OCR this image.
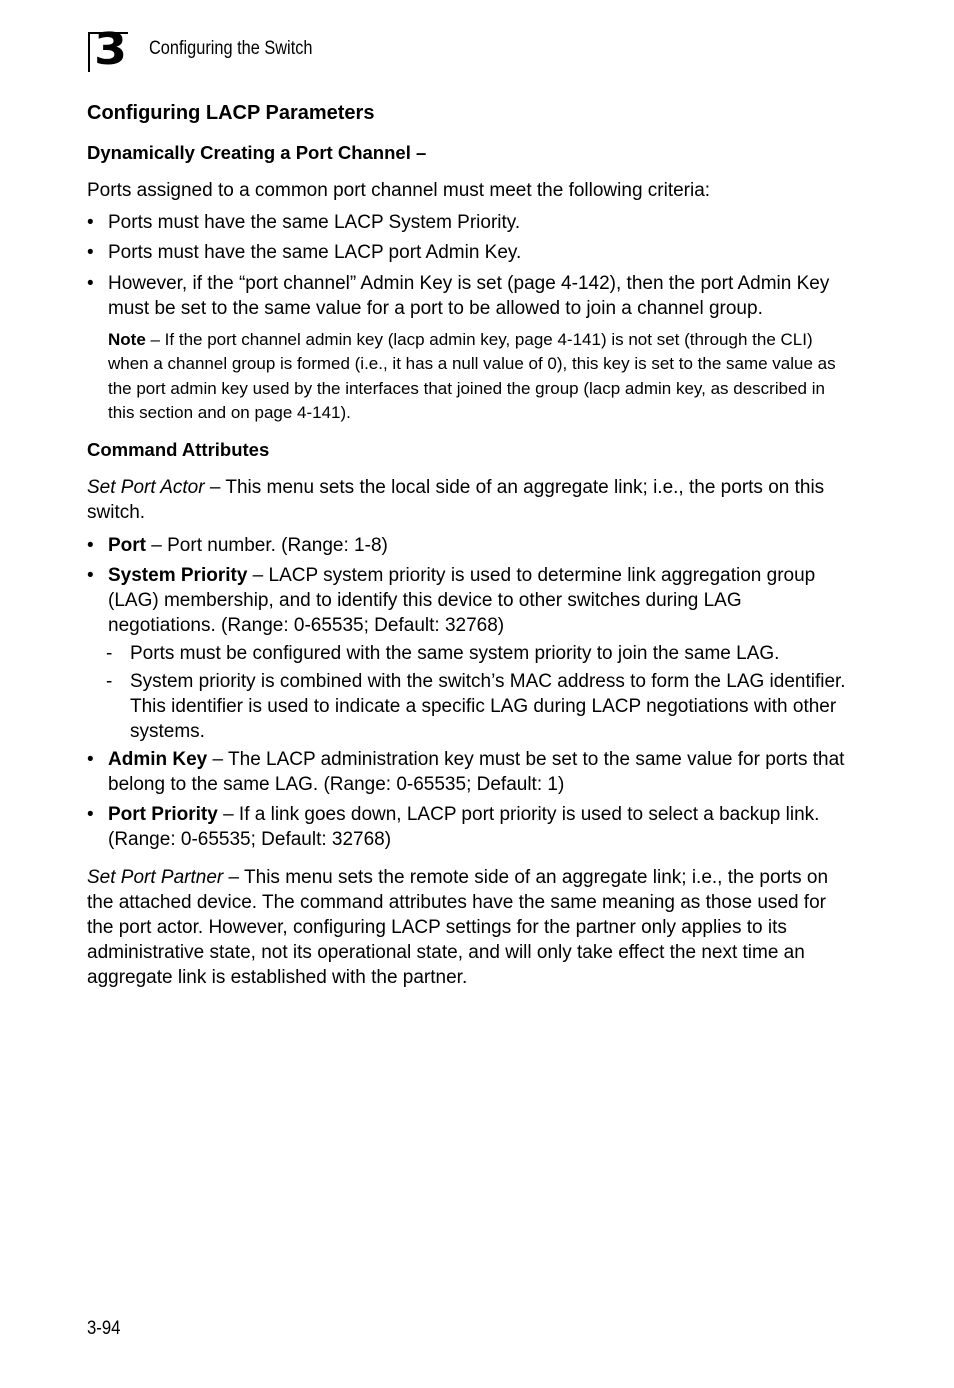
3 Configuring the Switch
Configuring LACP Parameters
Dynamically Creating a Port Channel –
Ports assigned to a common port channel must meet the following criteria:
• Ports must have the same LACP System Priority.
• Ports must have the same LACP port Admin Key.
• However, if the “port channel” Admin Key is set (page 4-142), then the port Admin Key must be set to the same value for a port to be allowed to join a channel group.
Note – If the port channel admin key (lacp admin key, page 4-141) is not set (through the CLI) when a channel group is formed (i.e., it has a null value of 0), this key is set to the same value as the port admin key used by the interfaces that joined the group (lacp admin key, as described in this section and on page 4-141).
Command Attributes
Set Port Actor – This menu sets the local side of an aggregate link; i.e., the ports on this switch.
• Port – Port number. (Range: 1-8)
• System Priority – LACP system priority is used to determine link aggregation group (LAG) membership, and to identify this device to other switches during LAG negotiations. (Range: 0-65535; Default: 32768)
- Ports must be configured with the same system priority to join the same LAG.
- System priority is combined with the switch’s MAC address to form the LAG identifier. This identifier is used to indicate a specific LAG during LACP negotiations with other systems.
• Admin Key – The LACP administration key must be set to the same value for ports that belong to the same LAG. (Range: 0-65535; Default: 1)
• Port Priority – If a link goes down, LACP port priority is used to select a backup link. (Range: 0-65535; Default: 32768)
Set Port Partner – This menu sets the remote side of an aggregate link; i.e., the ports on the attached device. The command attributes have the same meaning as those used for the port actor. However, configuring LACP settings for the partner only applies to its administrative state, not its operational state, and will only take effect the next time an aggregate link is established with the partner.
3-94
